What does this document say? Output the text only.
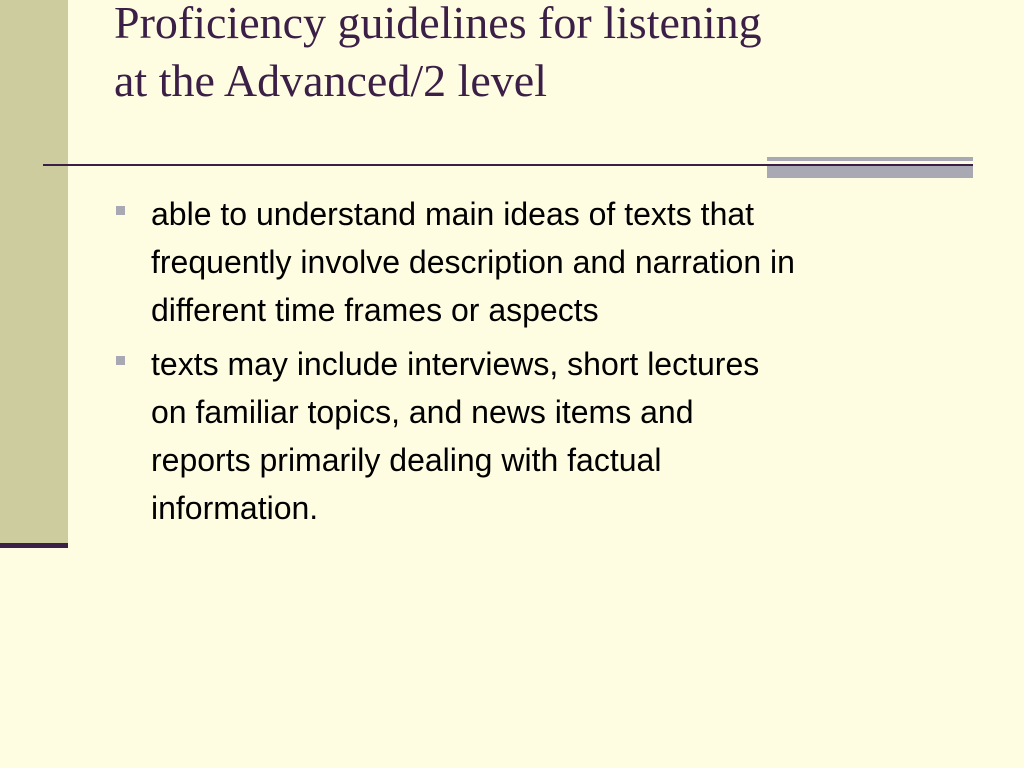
Proficiency guidelines for listening
at the Advanced/2 level
able to understand main ideas of texts that
frequently involve description and narration in
different time frames or aspects
texts may include interviews, short lectures
on familiar topics, and news items and
reports primarily dealing with factual
information.
